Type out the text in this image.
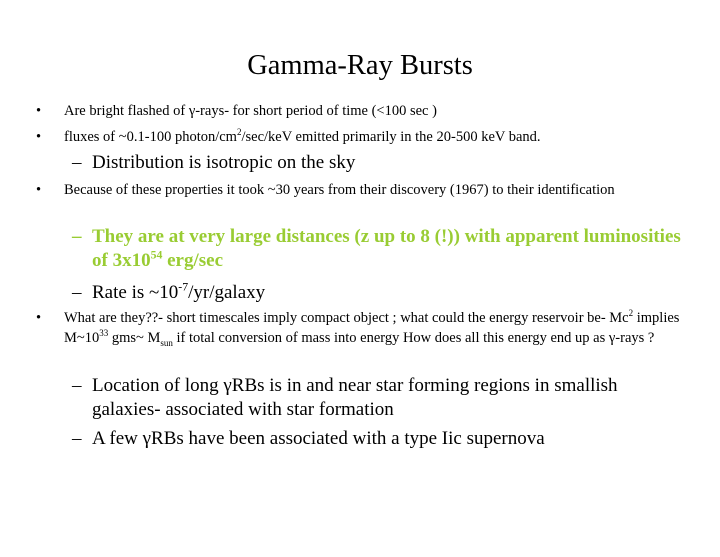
Gamma-Ray Bursts
• Are bright flashed of γ-rays- for short period of time (<100 sec )
• fluxes of ~0.1-100 photon/$cm^2/\sec$/keV emitted primarily in the 20-500 keV band.
– Distribution is isotropic on the sky
• Because of these properties it took ~30 years from their discovery (1967) to their identification
– They are at very large distances (z up to 8 (!)) with apparent luminosities of $3x10^{54}$ erg/sec
– Rate is $\sim 10^{-7}/yr$/galaxy
• What are they??- short timescales imply compact object ; what could the energy reservoir be- Mc$^2$ implies $M\sim 10^{33}$ gms~ $M_{sun}$ if total conversion of mass into energy How does all this energy end up as γ-rays ?
– Location of long γRBs is in and near star forming regions in smallish galaxies- associated with star formation
– A few γRBs have been associated with a type Iic supernova
